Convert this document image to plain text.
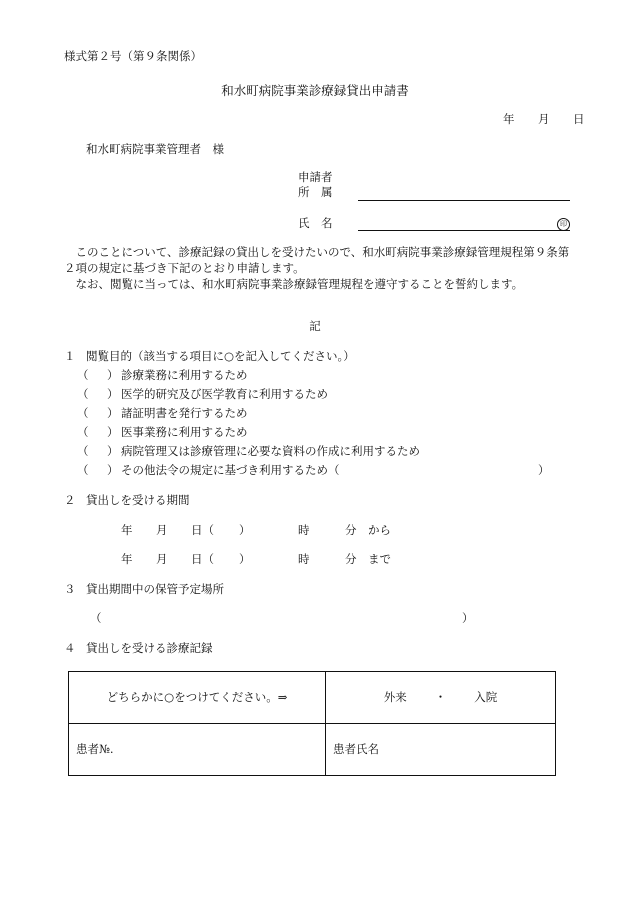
様式第２号（第９条関係）
和水町病院事業診療録貸出申請書
年 月 日
和水町病院事業管理者　様
申請者
所　属
氏　名	印
　このことについて、診療記録の貸出しを受けたいので、和水町病院事業診療録管理規程第９条第
２項の規定に基づき下記のとおり申請します。
　なお、閲覧に当っては、和水町病院事業診療録管理規程を遵守することを誓約します。
記
１ 閲覧目的（該当する項目に○を記入してください。）
（ ） 診療業務に利用するため
（ ） 医学的研究及び医学教育に利用するため
（ ） 諸証明書を発行するため
（ ） 医事業務に利用するため
（ ） 病院管理又は診療管理に必要な資料の作成に利用するため
（ ） その他法令の規定に基づき利用するため（	）
２ 貸出しを受ける期間
年 月 日（ ）	時	分 から
年 月 日（ ）	時	分 まで
３ 貸出期間中の保管予定場所
（	）
４ 貸出しを受ける診療記録
どちらかに○をつけてください。⇒	外来 ・ 入院
患者№.	患者氏名
